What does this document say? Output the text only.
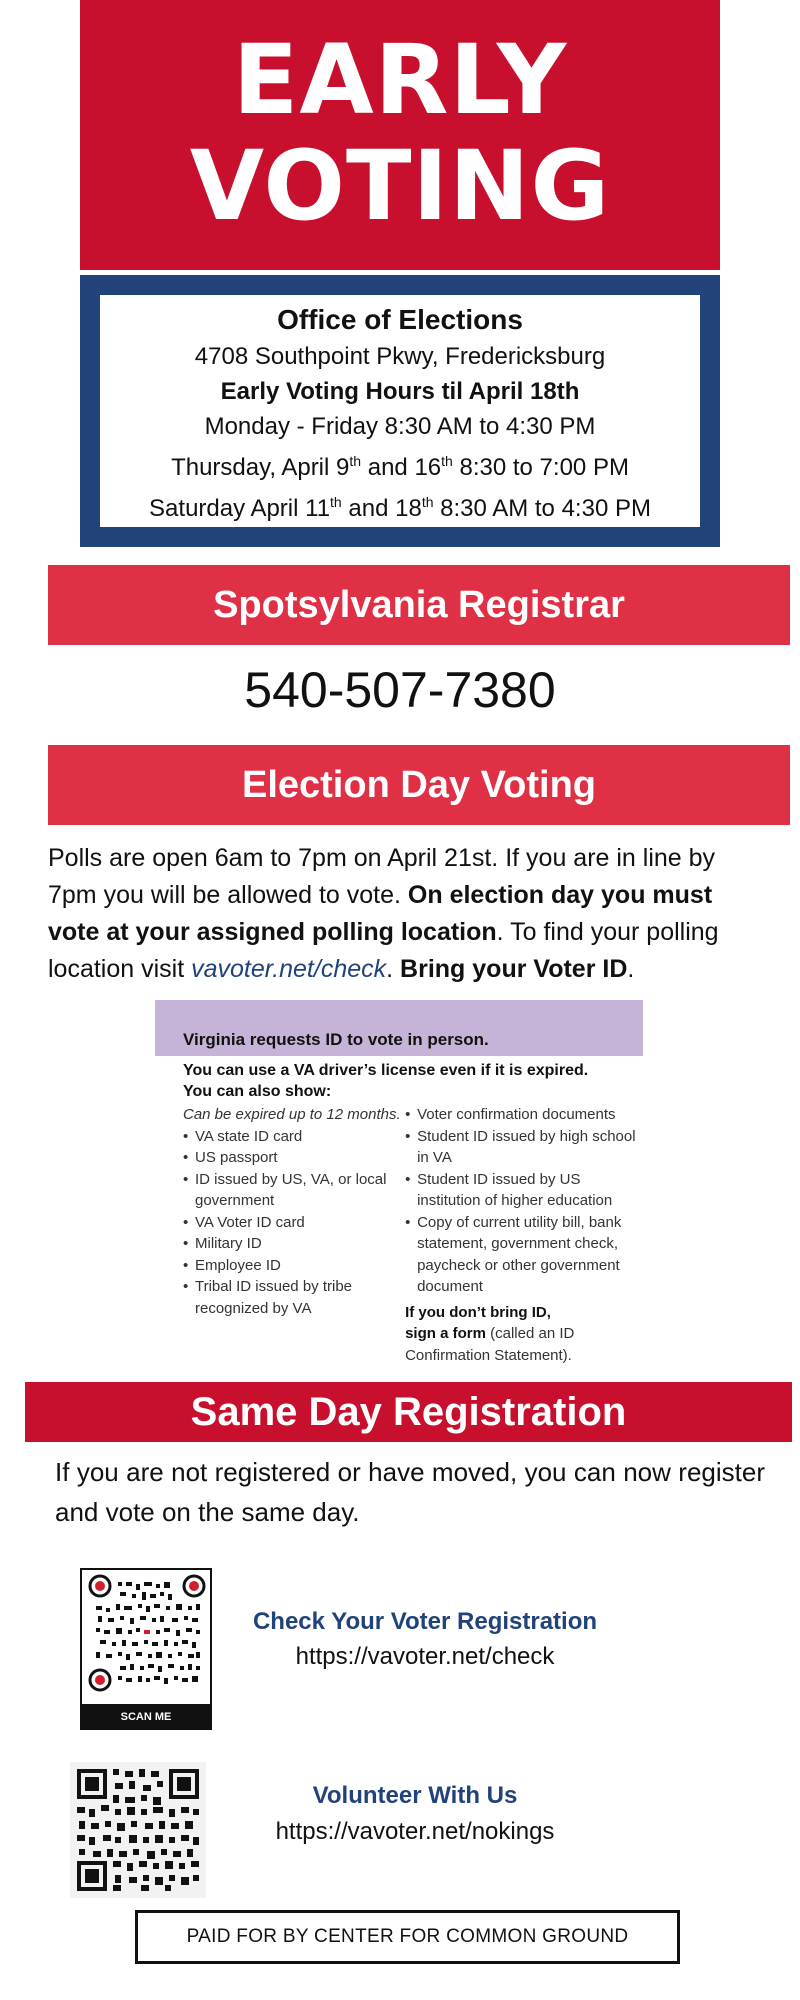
EARLY
VOTING
Office of Elections
4708 Southpoint Pkwy, Fredericksburg
Early Voting Hours til April 18th
Monday - Friday 8:30 AM to 4:30 PM
Thursday, April 9th and 16th 8:30 to 7:00 PM
Saturday April 11th and 18th 8:30 AM to 4:30 PM
Spotsylvania Registrar
540-507-7380
Election Day Voting
Polls are open 6am to 7pm on April 21st. If you are in line by 7pm you will be allowed to vote. On election day you must vote at your assigned polling location. To find your polling location visit vavoter.net/check. Bring your Voter ID.
Virginia requests ID to vote in person.
You can use a VA driver’s license even if it is expired.
You can also show:
Can be expired up to 12 months.
• VA state ID card
• US passport
• ID issued by US, VA, or local government
• VA Voter ID card
• Military ID
• Employee ID
• Tribal ID issued by tribe recognized by VA
• Voter confirmation documents
• Student ID issued by high school in VA
• Student ID issued by US institution of higher education
• Copy of current utility bill, bank statement, government check, paycheck or other government document
If you don’t bring ID,
sign a form (called an ID Confirmation Statement).
Same Day Registration
If you are not registered or have moved, you can now register and vote on the same day.
SCAN ME
Check Your Voter Registration
https://vavoter.net/check
Volunteer With Us
https://vavoter.net/nokings
PAID FOR BY CENTER FOR COMMON GROUND
